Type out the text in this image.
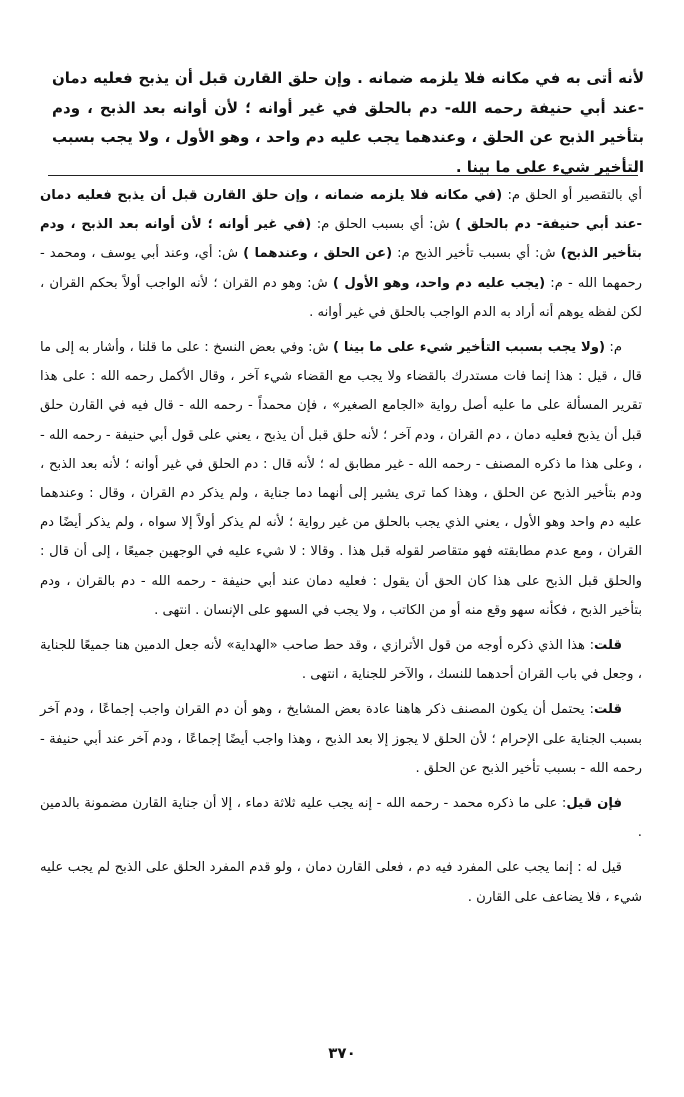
لأنه أتى به في مكانه فلا يلزمه ضمانه . وإن حلق القارن قبل أن يذبح فعليه دمان -عند أبي حنيفة رحمه الله- دم بالحلق في غير أوانه ؛ لأن أوانه بعد الذبح ، ودم بتأخير الذبح عن الحلق ، وعندهما يجب عليه دم واحد ، وهو الأول ، ولا يجب بسبب التأخير شيء على ما بينا .

أي بالتقصير أو الحلق م: (في مكانه فلا يلزمه ضمانه ، وإن حلق القارن قبل أن يذبح فعليه دمان -عند أبي حنيفة- دم بالحلق ) ش: أي بسبب الحلق م: (في غير أوانه ؛ لأن أوانه بعد الذبح ، ودم بتأخير الذبح) ش: أي بسبب تأخير الذبح م: (عن الحلق ، وعندهما ) ش: أي، وعند أبي يوسف ، ومحمد - رحمهما الله - م: (يجب عليه دم واحد، وهو الأول ) ش: وهو دم القران ؛ لأنه الواجب أولاً بحكم القران ، لكن لفظه يوهم أنه أراد به الدم الواجب بالحلق في غير أوانه .

م: (ولا يجب بسبب التأخير شيء على ما بينا ) ش: وفي بعض النسخ : على ما قلنا ، وأشار به إلى ما قال ، قيل : هذا إنما فات مستدرك بالقضاء ولا يجب مع القضاء شيء آخر ، وقال الأكمل رحمه الله : على هذا تقرير المسألة على ما عليه أصل رواية «الجامع الصغير» ، فإن محمداً - رحمه الله - قال فيه في القارن حلق قبل أن يذبح فعليه دمان ، دم القران ، ودم آخر ؛ لأنه حلق قبل أن يذبح ، يعني على قول أبي حنيفة - رحمه الله - ، وعلى هذا ما ذكره المصنف - رحمه الله - غير مطابق له ؛ لأنه قال : دم الحلق في غير أوانه ؛ لأنه بعد الذبح ، ودم بتأخير الذبح عن الحلق ، وهذا كما ترى يشير إلى أنهما دما جناية ، ولم يذكر دم القران ، وقال : وعندهما عليه دم واحد وهو الأول ، يعني الذي يجب بالحلق من غير رواية ؛ لأنه لم يذكر أولاً إلا سواه ، ولم يذكر أيضًا دم القران ، ومع عدم مطابقته فهو متقاصر لقوله قبل هذا . وقالا : لا شيء عليه في الوجهين جميعًا ، إلى أن قال : والحلق قبل الذبح على هذا كان الحق أن يقول : فعليه دمان عند أبي حنيفة - رحمه الله - دم بالقران ، ودم بتأخير الذبح ، فكأنه سهو وقع منه أو من الكاتب ، ولا يجب في السهو على الإنسان . انتهى .

قلت: هذا الذي ذكره أوجه من قول الأترازي ، وقد حط صاحب «الهداية» لأنه جعل الدمين هنا جميعًا للجناية ، وجعل في باب القران أحدهما للنسك ، والآخر للجناية ، انتهى .

قلت: يحتمل أن يكون المصنف ذكر هاهنا عادة بعض المشايخ ، وهو أن دم القران واجب إجماعًا ، ودم آخر بسبب الجناية على الإحرام ؛ لأن الحلق لا يجوز إلا بعد الذبح ، وهذا واجب أيضًا إجماعًا ، ودم آخر عند أبي حنيفة - رحمه الله - بسبب تأخير الذبح عن الحلق .

فإن قيل: على ما ذكره محمد - رحمه الله - إنه يجب عليه ثلاثة دماء ، إلا أن جناية القارن مضمونة بالدمين .

قيل له : إنما يجب على المفرد فيه دم ، فعلى القارن دمان ، ولو قدم المفرد الحلق على الذبح لم يجب عليه شيء ، فلا يضاعف على القارن .

٣٧٠
